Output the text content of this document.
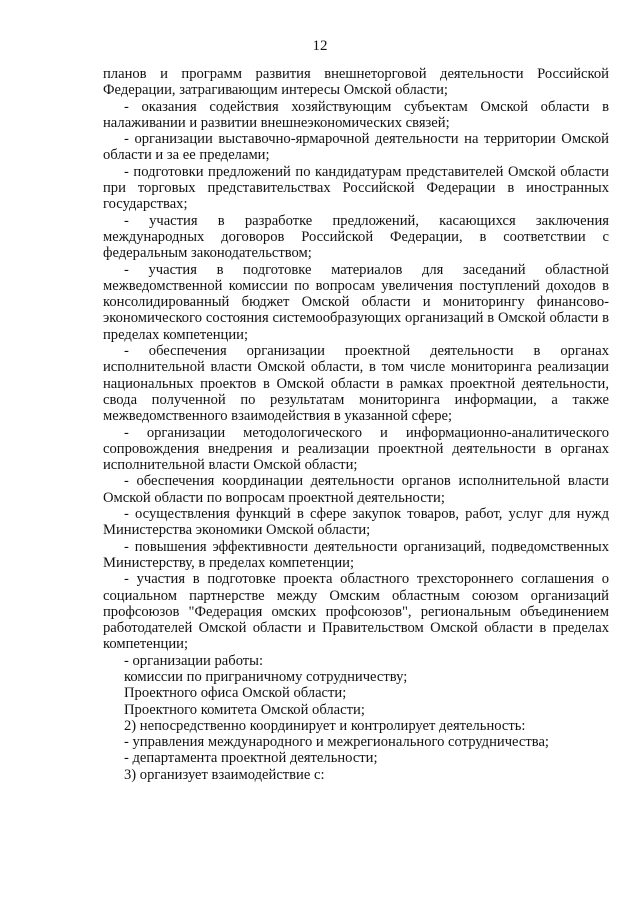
12

планов и программ развития внешнеторговой деятельности Российской Федерации, затрагивающим интересы Омской области;

- оказания содействия хозяйствующим субъектам Омской области в налаживании и развитии внешнеэкономических связей;

- организации выставочно-ярмарочной деятельности на территории Омской области и за ее пределами;

- подготовки предложений по кандидатурам представителей Омской области при торговых представительствах Российской Федерации в иностранных государствах;

- участия в разработке предложений, касающихся заключения международных договоров Российской Федерации, в соответствии с федеральным законодательством;

- участия в подготовке материалов для заседаний областной межведомственной комиссии по вопросам увеличения поступлений доходов в консолидированный бюджет Омской области и мониторингу финансово-экономического состояния системообразующих организаций в Омской области в пределах компетенции;

- обеспечения организации проектной деятельности в органах исполнительной власти Омской области, в том числе мониторинга реализации национальных проектов в Омской области в рамках проектной деятельности, свода полученной по результатам мониторинга информации, а также межведомственного взаимодействия в указанной сфере;

- организации методологического и информационно-аналитического сопровождения внедрения и реализации проектной деятельности в органах исполнительной власти Омской области;

- обеспечения координации деятельности органов исполнительной власти Омской области по вопросам проектной деятельности;

- осуществления функций в сфере закупок товаров, работ, услуг для нужд Министерства экономики Омской области;

- повышения эффективности деятельности организаций, подведомственных Министерству, в пределах компетенции;

- участия в подготовке проекта областного трехстороннего соглашения о социальном партнерстве между Омским областным союзом организаций профсоюзов "Федерация омских профсоюзов", региональным объединением работодателей Омской области и Правительством Омской области в пределах компетенции;

- организации работы:

комиссии по приграничному сотрудничеству;

Проектного офиса Омской области;

Проектного комитета Омской области;

2) непосредственно координирует и контролирует деятельность:

- управления международного и межрегионального сотрудничества;

- департамента проектной деятельности;

3) организует взаимодействие с:
